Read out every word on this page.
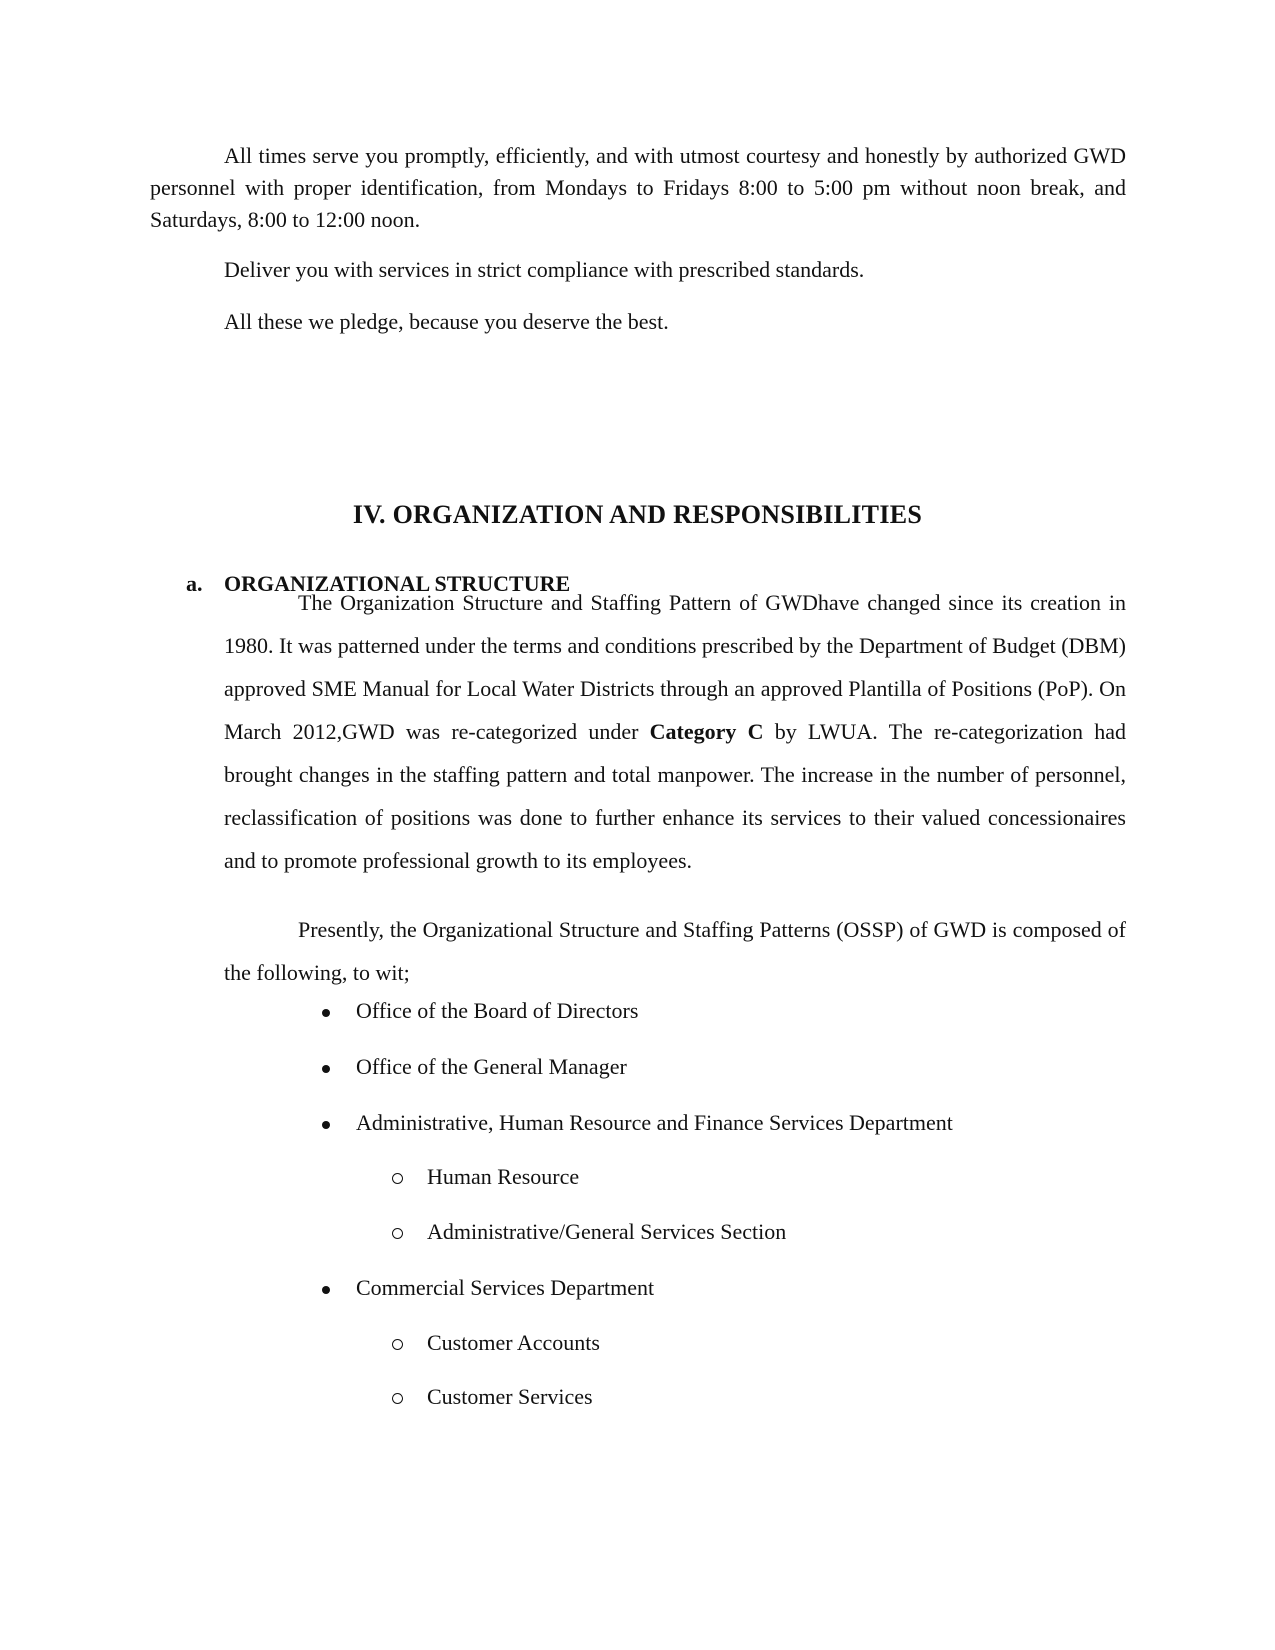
All times serve you promptly, efficiently, and with utmost courtesy and honestly by authorized GWD personnel with proper identification, from Mondays to Fridays 8:00 to 5:00 pm without noon break, and Saturdays, 8:00 to 12:00 noon.

Deliver you with services in strict compliance with prescribed standards.

All these we pledge, because you deserve the best.

IV. ORGANIZATION AND RESPONSIBILITIES
a. ORGANIZATIONAL STRUCTURE

The Organization Structure and Staffing Pattern of GWDhave changed since its creation in 1980. It was patterned under the terms and conditions prescribed by the Department of Budget (DBM) approved SME Manual for Local Water Districts through an approved Plantilla of Positions (PoP). On March 2012,GWD was re-categorized under Category C by LWUA. The re-categorization had brought changes in the staffing pattern and total manpower. The increase in the number of personnel, reclassification of positions was done to further enhance its services to their valued concessionaires and to promote professional growth to its employees.

Presently, the Organizational Structure and Staffing Patterns (OSSP) of GWD is composed of the following, to wit;

Office of the Board of Directors
Office of the General Manager
Administrative, Human Resource and Finance Services Department
Human Resource
Administrative/General Services Section
Commercial Services Department
Customer Accounts
Customer Services
